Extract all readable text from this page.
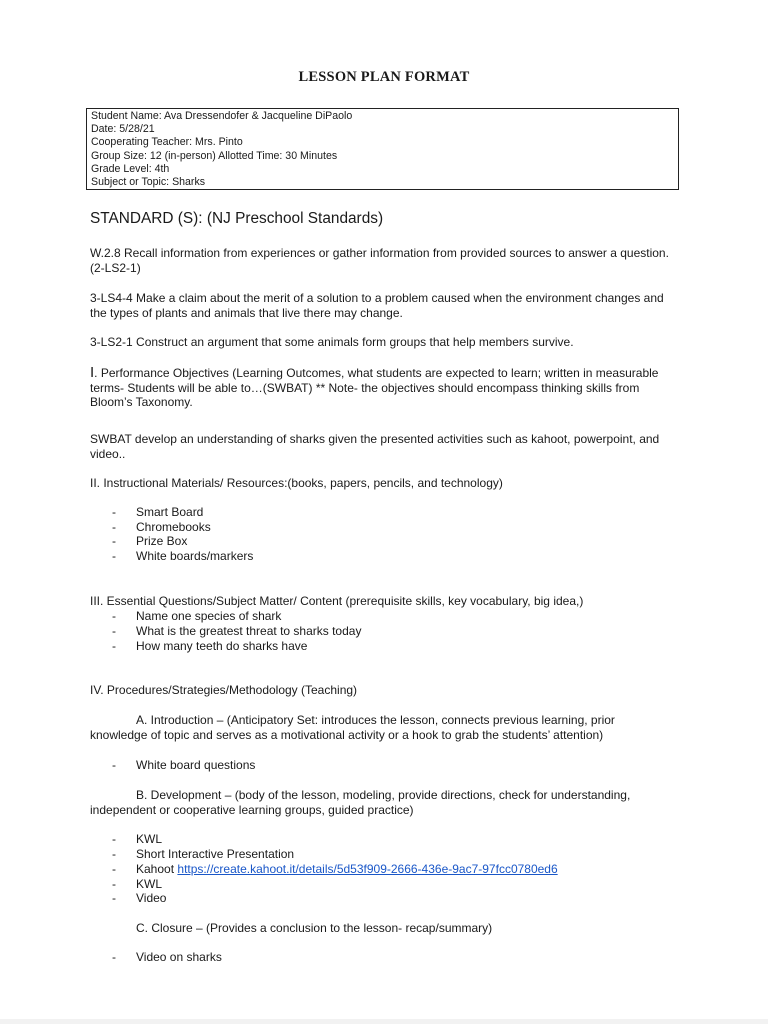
LESSON PLAN FORMAT
Student Name: Ava Dressendofer & Jacqueline DiPaolo
Date: 5/28/21
Cooperating Teacher: Mrs. Pinto
Group Size: 12 (in-person) Allotted Time: 30 Minutes
Grade Level: 4th
Subject or Topic: Sharks
STANDARD (S): (NJ Preschool Standards)
W.2.8 Recall information from experiences or gather information from provided sources to answer a question. (2-LS2-1)
3-LS4-4 Make a claim about the merit of a solution to a problem caused when the environment changes and the types of plants and animals that live there may change.
3-LS2-1 Construct an argument that some animals form groups that help members survive.
I. Performance Objectives (Learning Outcomes, what students are expected to learn; written in measurable terms- Students will be able to…(SWBAT) ** Note- the objectives should encompass thinking skills from Bloom’s Taxonomy.
SWBAT develop an understanding of sharks given the presented activities such as kahoot, powerpoint, and video..
II. Instructional Materials/ Resources:(books, papers, pencils, and technology)
- Smart Board
- Chromebooks
- Prize Box
- White boards/markers
III. Essential Questions/Subject Matter/ Content (prerequisite skills, key vocabulary, big idea,)
- Name one species of shark
- What is the greatest threat to sharks today
- How many teeth do sharks have
IV. Procedures/Strategies/Methodology (Teaching)
A. Introduction – (Anticipatory Set: introduces the lesson, connects previous learning, prior knowledge of topic and serves as a motivational activity or a hook to grab the students’ attention)
- White board questions
B. Development – (body of the lesson, modeling, provide directions, check for understanding, independent or cooperative learning groups, guided practice)
- KWL
- Short Interactive Presentation
- Kahoot https://create.kahoot.it/details/5d53f909-2666-436e-9ac7-97fcc0780ed6
- KWL
- Video
C. Closure – (Provides a conclusion to the lesson- recap/summary)
- Video on sharks
